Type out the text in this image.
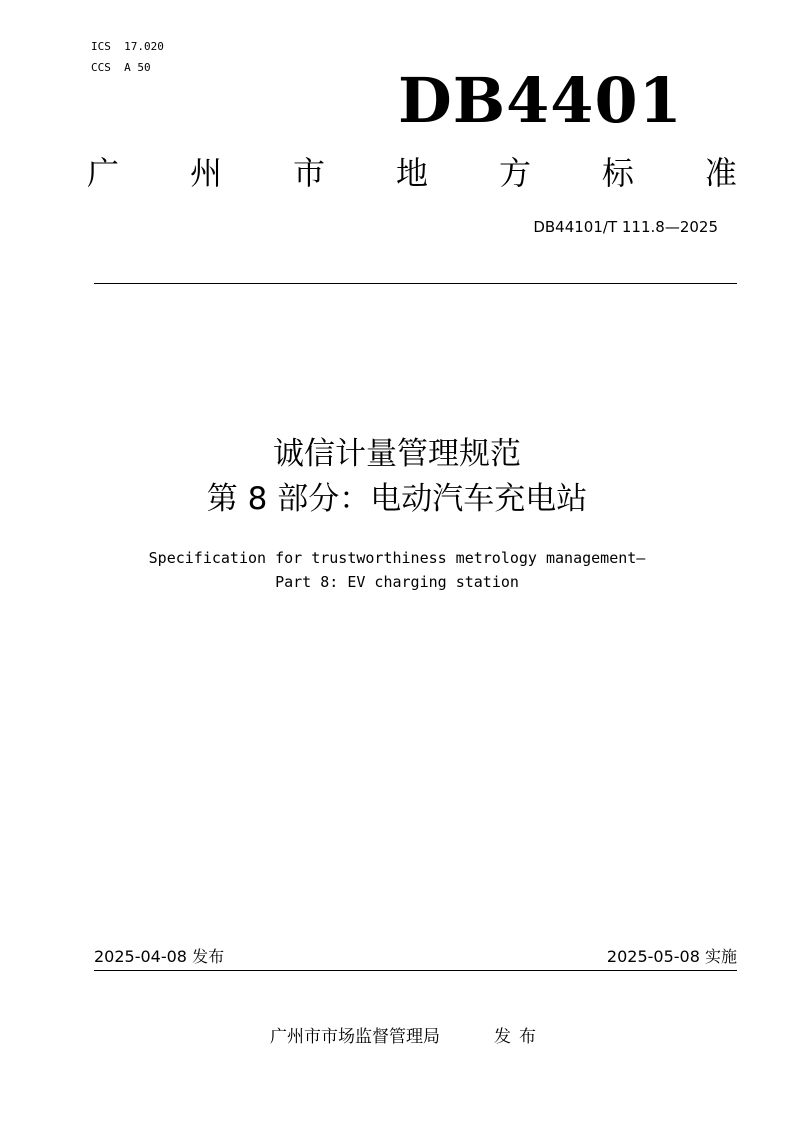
ICS  17.020
CCS  A 50	DB4401
广 州 市 地 方 标 准
DB44101/T 111.8—2025
诚信计量管理规范
第 8 部分：电动汽车充电站
Specification for trustworthiness metrology management—
Part 8: EV charging station
2025-04-08 发布	2025-05-08 实施
广州市市场监督管理局	发布
